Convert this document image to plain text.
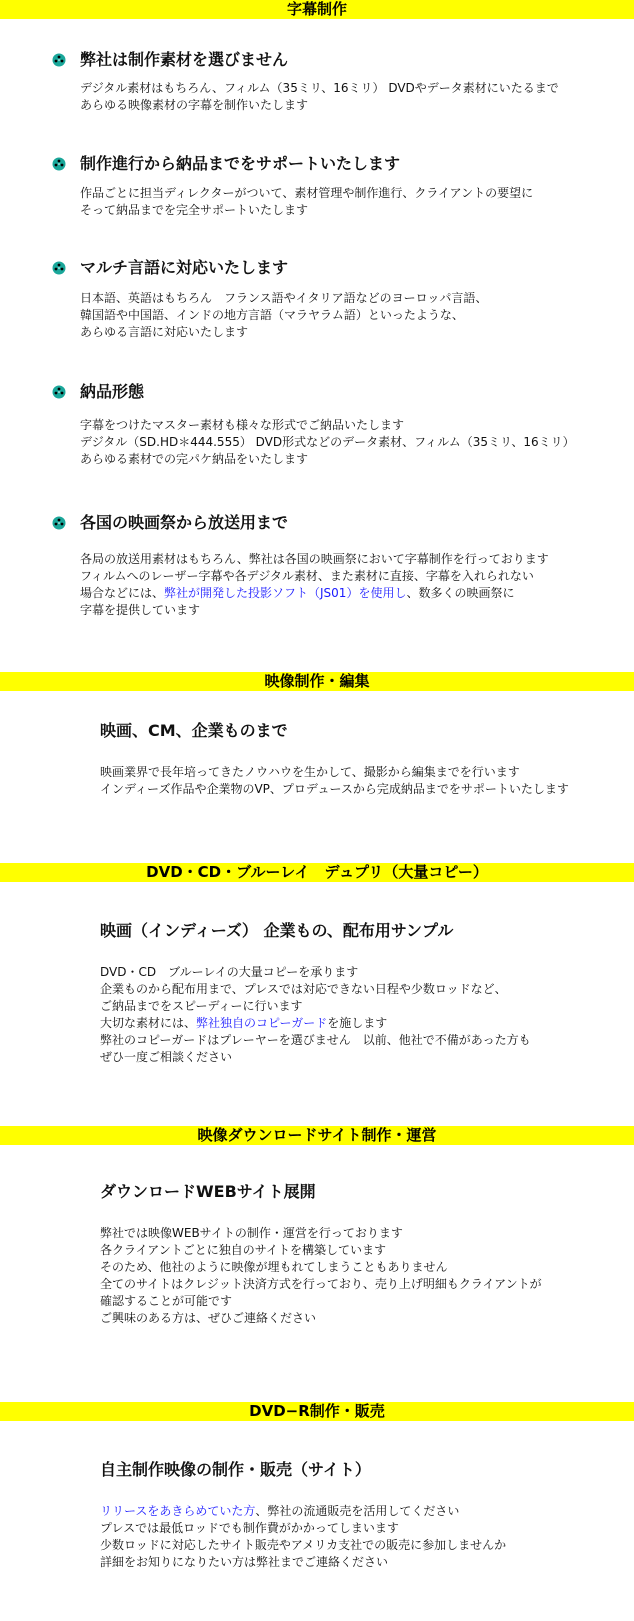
字幕制作
弊社は制作素材を選びません
デジタル素材はもちろん、フィルム（35ミリ、16ミリ） DVDやデータ素材にいたるまで
あらゆる映像素材の字幕を制作いたします
制作進行から納品までをサポートいたします
作品ごとに担当ディレクターがついて、素材管理や制作進行、クライアントの要望に
そって納品までを完全サポートいたします
マルチ言語に対応いたします
日本語、英語はもちろん　フランス語やイタリア語などのヨーロッパ言語、
韓国語や中国語、インドの地方言語（マラヤラム語）といったような、
あらゆる言語に対応いたします
納品形態
字幕をつけたマスター素材も様々な形式でご納品いたします
デジタル（SD.HD＊444.555） DVD形式などのデータ素材、フィルム（35ミリ、16ミリ）
あらゆる素材での完パケ納品をいたします
各国の映画祭から放送用まで
各局の放送用素材はもちろん、弊社は各国の映画祭において字幕制作を行っております
フィルムへのレーザー字幕や各デジタル素材、また素材に直接、字幕を入れられない
場合などには、弊社が開発した投影ソフト（JS01）を使用し、数多くの映画祭に
字幕を提供しています
映像制作・編集
映画、CM、企業ものまで
映画業界で長年培ってきたノウハウを生かして、撮影から編集までを行います
インディーズ作品や企業物のVP、プロデュースから完成納品までをサポートいたします
DVD・CD・ブルーレイ　デュプリ（大量コピー）
映画（インディーズ） 企業もの、配布用サンプル
DVD・CD　ブルーレイの大量コピーを承ります
企業ものから配布用まで、プレスでは対応できない日程や少数ロッドなど、
ご納品までをスピーディーに行います
大切な素材には、弊社独自のコピーガードを施します
弊社のコピーガードはプレーヤーを選びません　以前、他社で不備があった方も
ぜひ一度ご相談ください
映像ダウンロードサイト制作・運営
ダウンロードWEBサイト展開
弊社では映像WEBサイトの制作・運営を行っております
各クライアントごとに独自のサイトを構築しています
そのため、他社のように映像が埋もれてしまうこともありません
全てのサイトはクレジット決済方式を行っており、売り上げ明細もクライアントが
確認することが可能です
ご興味のある方は、ぜひご連絡ください
DVD−R制作・販売
自主制作映像の制作・販売（サイト）
リリースをあきらめていた方、弊社の流通販売を活用してください
プレスでは最低ロッドでも制作費がかかってしまいます
少数ロッドに対応したサイト販売やアメリカ支社での販売に参加しませんか
詳細をお知りになりたい方は弊社までご連絡ください
